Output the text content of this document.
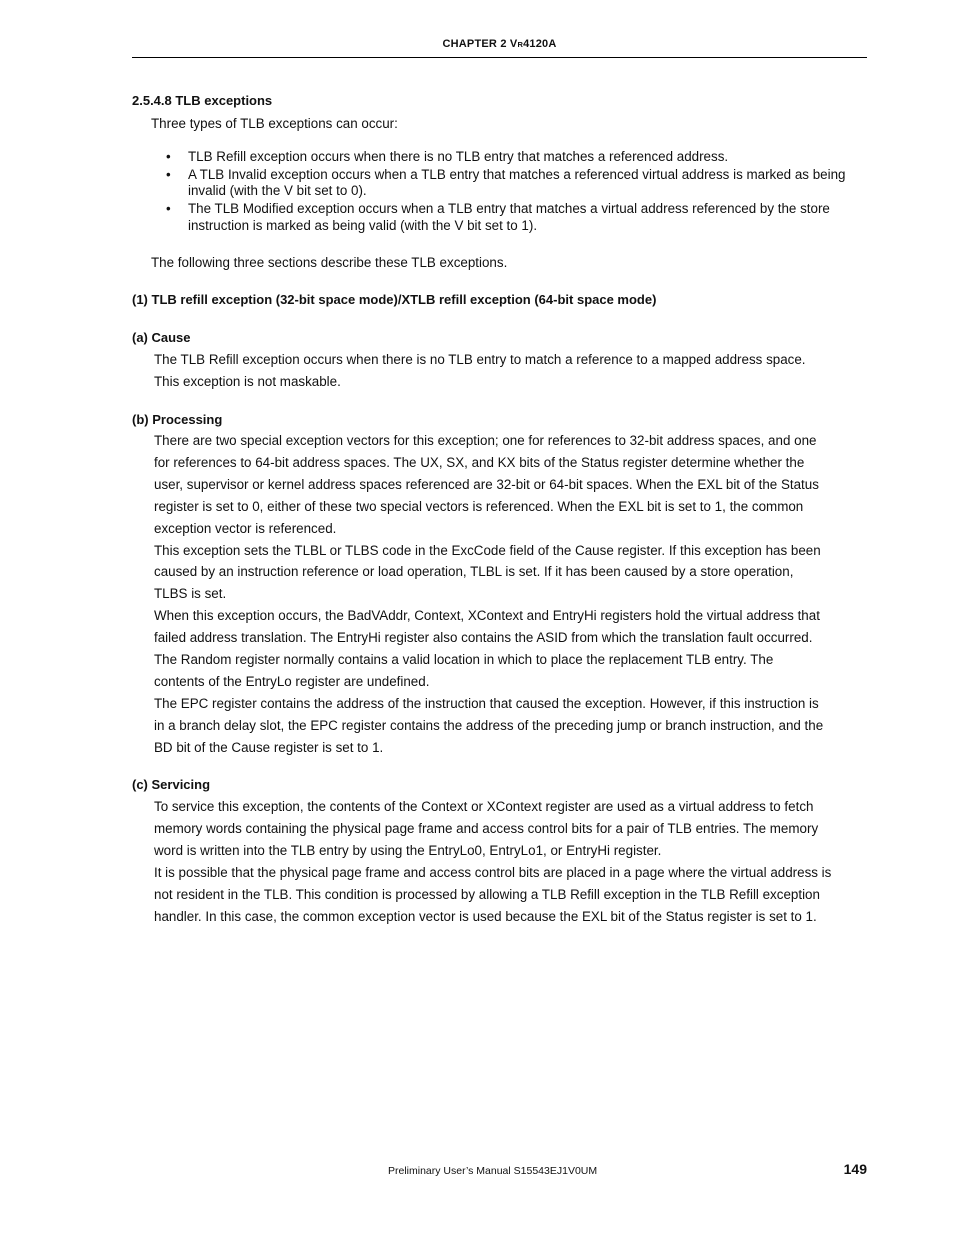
CHAPTER 2 VR4120A
2.5.4.8 TLB exceptions
Three types of TLB exceptions can occur:
• TLB Refill exception occurs when there is no TLB entry that matches a referenced address.
• A TLB Invalid exception occurs when a TLB entry that matches a referenced virtual address is marked as being invalid (with the V bit set to 0).
• The TLB Modified exception occurs when a TLB entry that matches a virtual address referenced by the store instruction is marked as being valid (with the V bit set to 1).
The following three sections describe these TLB exceptions.
(1) TLB refill exception (32-bit space mode)/XTLB refill exception (64-bit space mode)
(a) Cause
The TLB Refill exception occurs when there is no TLB entry to match a reference to a mapped address space.
This exception is not maskable.
(b) Processing
There are two special exception vectors for this exception; one for references to 32-bit address spaces, and one
for references to 64-bit address spaces. The UX, SX, and KX bits of the Status register determine whether the
user, supervisor or kernel address spaces referenced are 32-bit or 64-bit spaces. When the EXL bit of the Status
register is set to 0, either of these two special vectors is referenced. When the EXL bit is set to 1, the common
exception vector is referenced.
This exception sets the TLBL or TLBS code in the ExcCode field of the Cause register. If this exception has been
caused by an instruction reference or load operation, TLBL is set. If it has been caused by a store operation,
TLBS is set.
When this exception occurs, the BadVAddr, Context, XContext and EntryHi registers hold the virtual address that
failed address translation. The EntryHi register also contains the ASID from which the translation fault occurred.
The Random register normally contains a valid location in which to place the replacement TLB entry. The
contents of the EntryLo register are undefined.
The EPC register contains the address of the instruction that caused the exception. However, if this instruction is
in a branch delay slot, the EPC register contains the address of the preceding jump or branch instruction, and the
BD bit of the Cause register is set to 1.
(c) Servicing
To service this exception, the contents of the Context or XContext register are used as a virtual address to fetch
memory words containing the physical page frame and access control bits for a pair of TLB entries. The memory
word is written into the TLB entry by using the EntryLo0, EntryLo1, or EntryHi register.
It is possible that the physical page frame and access control bits are placed in a page where the virtual address is
not resident in the TLB. This condition is processed by allowing a TLB Refill exception in the TLB Refill exception
handler. In this case, the common exception vector is used because the EXL bit of the Status register is set to 1.
Preliminary User’s Manual S15543EJ1V0UM	149
